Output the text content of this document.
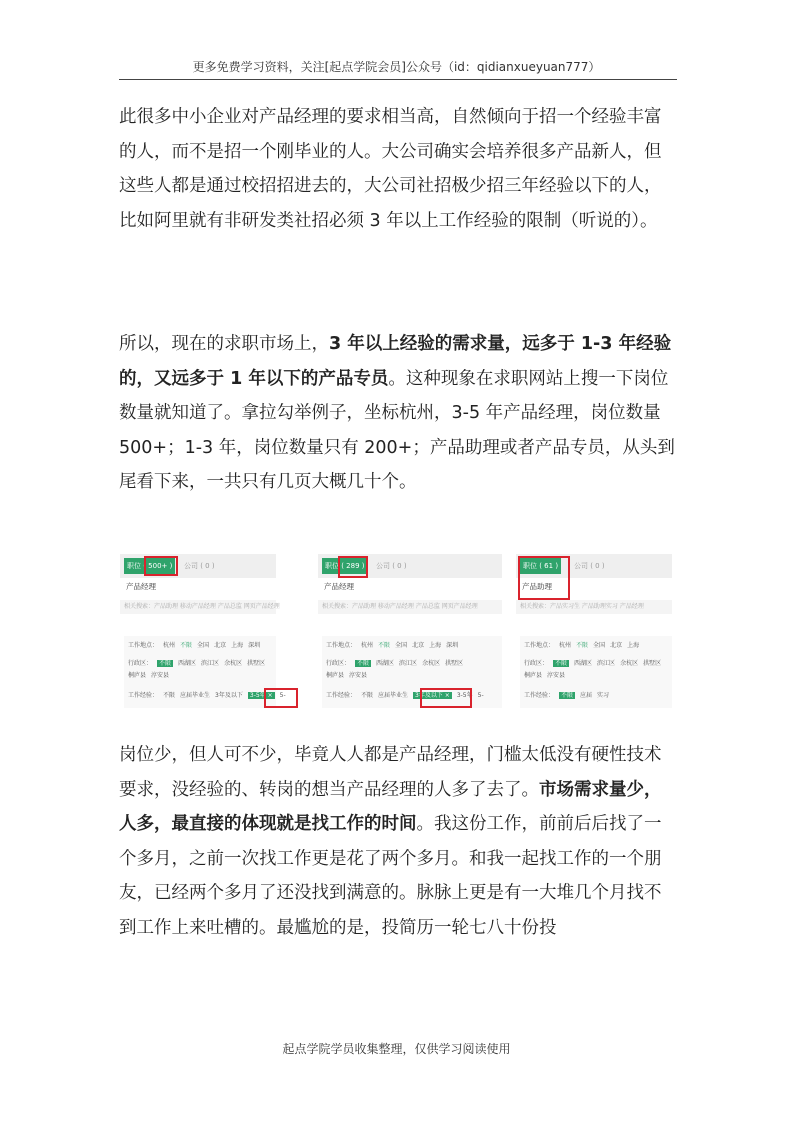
更多免费学习资料，关注[起点学院会员]公众号（id：qidianxueyuan777）

此很多中小企业对产品经理的要求相当高，自然倾向于招一个经验丰富的人，而不是招一个刚毕业的人。大公司确实会培养很多产品新人，但这些人都是通过校招招进去的，大公司社招极少招三年经验以下的人，比如阿里就有非研发类社招必须 3 年以上工作经验的限制（听说的）。

所以，现在的求职市场上，3 年以上经验的需求量，远多于 1-3 年经验的，又远多于 1 年以下的产品专员。这种现象在求职网站上搜一下岗位数量就知道了。拿拉勾举例子，坐标杭州，3-5 年产品经理，岗位数量 500+；1-3 年，岗位数量只有 200+；产品助理或者产品专员，从头到尾看下来，一共只有几页大概几十个。

职位 ( 500+ )	公司 ( 0 )
产品经理
相关搜索：产品助理 移动产品经理 产品总监 网页产品经理
工作地点： 杭州 不限 全国 北京 上海 深圳
行政区： 不限 西湖区 滨江区 余杭区 拱墅区
桐庐县 淳安县
工作经验： 不限 应届毕业生 3年及以下 3-5年 × 5-
职位 ( 289 )	公司 ( 0 )
产品经理
相关搜索：产品助理 移动产品经理 产品总监 网页产品经理
工作地点： 杭州 不限 全国 北京 上海 深圳
行政区： 不限 西湖区 滨江区 余杭区 拱墅区
桐庐县 淳安县
工作经验： 不限 应届毕业生 3年及以下 × 3-5年 5-
职位 ( 61 )	公司 ( 0 )
产品助理
相关搜索：产品实习生 产品助理实习 产品经理
工作地点： 杭州 不限 全国 北京 上海
行政区： 不限 西湖区 滨江区 余杭区 拱墅区
桐庐县 淳安县
工作经验： 不限 应届 实习

岗位少，但人可不少，毕竟人人都是产品经理，门槛太低没有硬性技术要求，没经验的、转岗的想当产品经理的人多了去了。市场需求量少，人多，最直接的体现就是找工作的时间。我这份工作，前前后后找了一个多月，之前一次找工作更是花了两个多月。和我一起找工作的一个朋友，已经两个多月了还没找到满意的。脉脉上更是有一大堆几个月找不到工作上来吐槽的。最尴尬的是，投简历一轮七八十份投

起点学院学员收集整理，仅供学习阅读使用
